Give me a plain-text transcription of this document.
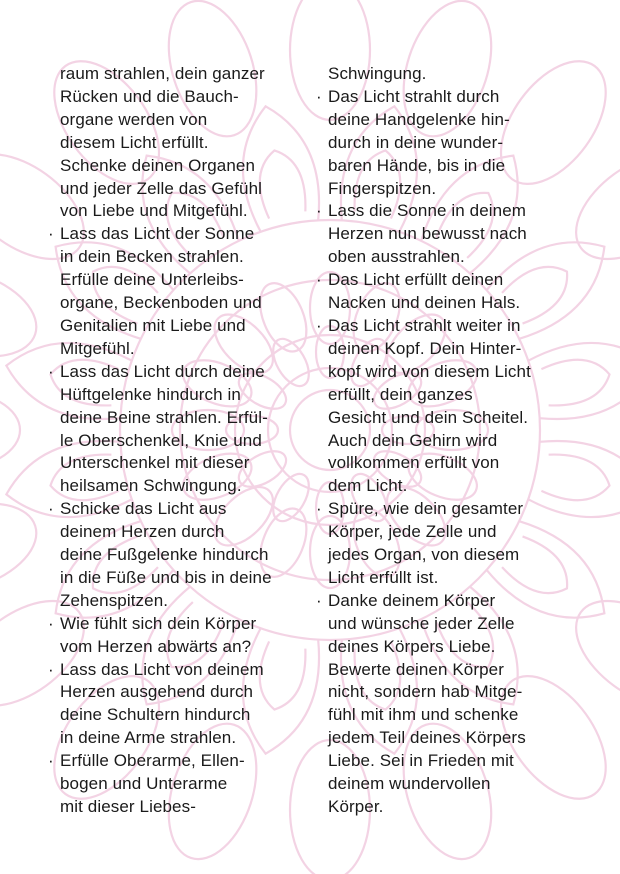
raum strahlen, dein ganzer
Rücken und die Bauch-
organe werden von
diesem Licht erfüllt.
Schenke deinen Organen
und jeder Zelle das Gefühl
von Liebe und Mitgefühl.
· Lass das Licht der Sonne
in dein Becken strahlen.
Erfülle deine Unterleibs-
organe, Beckenboden und
Genitalien mit Liebe und
Mitgefühl.
· Lass das Licht durch deine
Hüftgelenke hindurch in
deine Beine strahlen. Erfül-
le Oberschenkel, Knie und
Unterschenkel mit dieser
heilsamen Schwingung.
· Schicke das Licht aus
deinem Herzen durch
deine Fußgelenke hindurch
in die Füße und bis in deine
Zehenspitzen.
· Wie fühlt sich dein Körper
vom Herzen abwärts an?
· Lass das Licht von deinem
Herzen ausgehend durch
deine Schultern hindurch
in deine Arme strahlen.
· Erfülle Oberarme, Ellen-
bogen und Unterarme
mit dieser Liebes-
Schwingung.
· Das Licht strahlt durch
deine Handgelenke hin-
durch in deine wunder-
baren Hände, bis in die
Fingerspitzen.
· Lass die Sonne in deinem
Herzen nun bewusst nach
oben ausstrahlen.
· Das Licht erfüllt deinen
Nacken und deinen Hals.
· Das Licht strahlt weiter in
deinen Kopf. Dein Hinter-
kopf wird von diesem Licht
erfüllt, dein ganzes
Gesicht und dein Scheitel.
Auch dein Gehirn wird
vollkommen erfüllt von
dem Licht.
· Spüre, wie dein gesamter
Körper, jede Zelle und
jedes Organ, von diesem
Licht erfüllt ist.
· Danke deinem Körper
und wünsche jeder Zelle
deines Körpers Liebe.
Bewerte deinen Körper
nicht, sondern hab Mitge-
fühl mit ihm und schenke
jedem Teil deines Körpers
Liebe. Sei in Frieden mit
deinem wundervollen
Körper.
